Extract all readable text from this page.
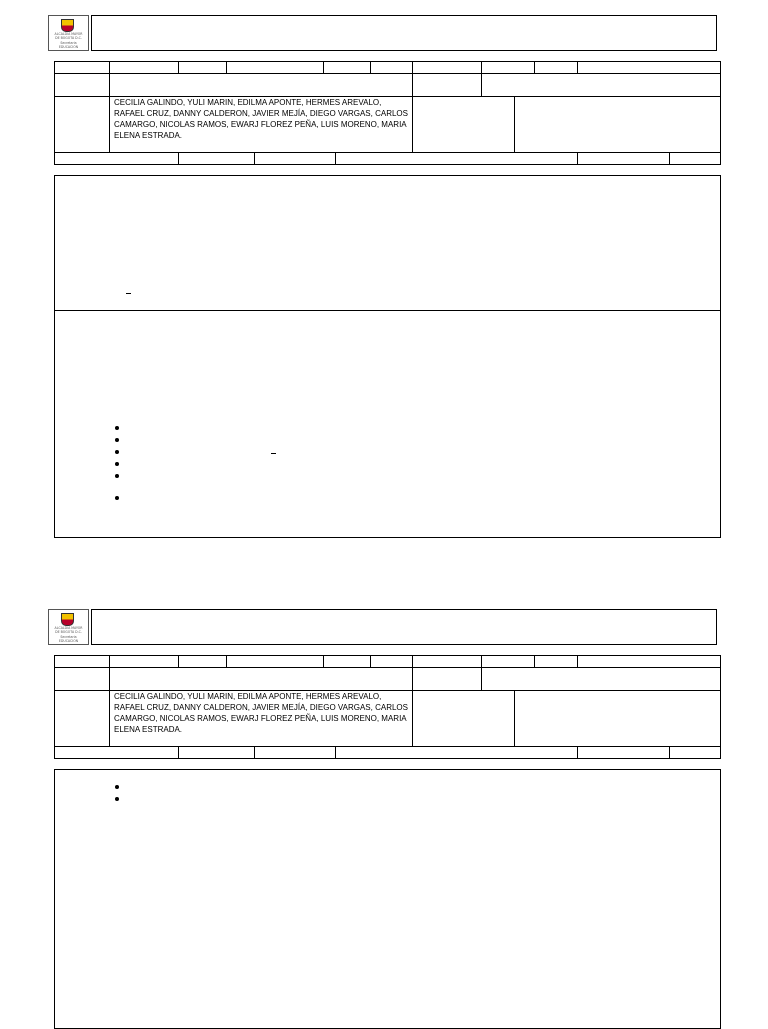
ALCALDIA MAYOR
DE BOGOTA D.C.
Secretaria
EDUCACION
CECILIA GALINDO, YULI MARIN, EDILMA APONTE, HERMES AREVALO, RAFAEL CRUZ, DANNY CALDERON, JAVIER MEJÍA, DIEGO VARGAS, CARLOS CAMARGO, NICOLAS RAMOS, EWARJ FLOREZ PEÑA, LUIS MORENO, MARIA ELENA ESTRADA.
ALCALDIA MAYOR
DE BOGOTA D.C.
Secretaria
EDUCACION
CECILIA GALINDO, YULI MARIN, EDILMA APONTE, HERMES AREVALO, RAFAEL CRUZ, DANNY CALDERON, JAVIER MEJÍA, DIEGO VARGAS, CARLOS CAMARGO, NICOLAS RAMOS, EWARJ FLOREZ PEÑA, LUIS MORENO, MARIA ELENA ESTRADA.
